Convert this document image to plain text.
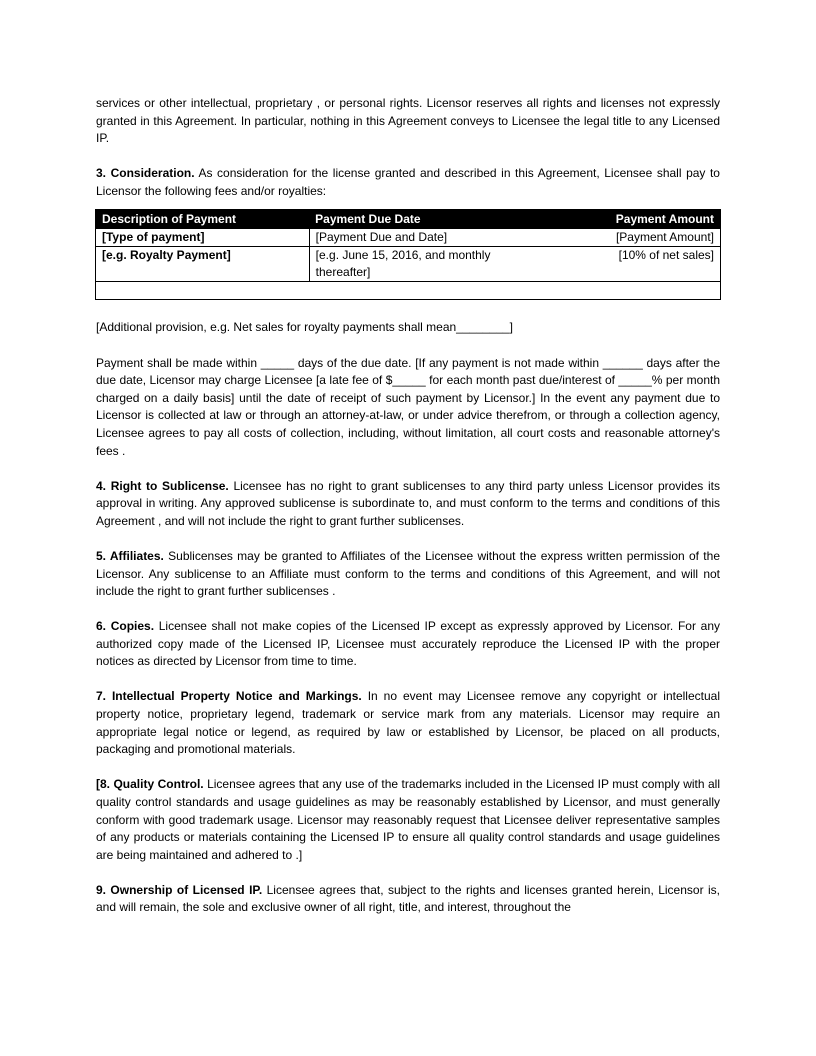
services or other intellectual, proprietary , or personal rights. Licensor reserves all rights and licenses not expressly granted in this Agreement. In particular, nothing in this Agreement conveys to Licensee the legal title to any Licensed IP.

3. Consideration. As consideration for the license granted and described in this Agreement, Licensee shall pay to Licensor the following fees and/or royalties:

Description of Payment	Payment Due Date	Payment Amount
[Type of payment]	[Payment Due and Date]	[Payment Amount]
[e.g. Royalty Payment]	[e.g. June 15, 2016, and monthly thereafter]	[10% of net sales]

[Additional provision, e.g. Net sales for royalty payments shall mean________]

Payment shall be made within _____ days of the due date. [If any payment is not made within ______ days after the due date, Licensor may charge Licensee [a late fee of $_____ for each month past due/interest of _____% per month charged on a daily basis] until the date of receipt of such payment by Licensor.] In the event any payment due to Licensor is collected at law or through an attorney-at-law, or under advice therefrom, or through a collection agency, Licensee agrees to pay all costs of collection, including, without limitation, all court costs and reasonable attorney's fees .

4. Right to Sublicense. Licensee has no right to grant sublicenses to any third party unless Licensor provides its approval in writing. Any approved sublicense is subordinate to, and must conform to the terms and conditions of this Agreement , and will not include the right to grant further sublicenses.

5. Affiliates. Sublicenses may be granted to Affiliates of the Licensee without the express written permission of the Licensor. Any sublicense to an Affiliate must conform to the terms and conditions of this Agreement, and will not include the right to grant further sublicenses .

6. Copies. Licensee shall not make copies of the Licensed IP except as expressly approved by Licensor. For any authorized copy made of the Licensed IP, Licensee must accurately reproduce the Licensed IP with the proper notices as directed by Licensor from time to time.

7. Intellectual Property Notice and Markings. In no event may Licensee remove any copyright or intellectual property notice, proprietary legend, trademark or service mark from any materials. Licensor may require an appropriate legal notice or legend, as required by law or established by Licensor, be placed on all products, packaging and promotional materials.

[8. Quality Control. Licensee agrees that any use of the trademarks included in the Licensed IP must comply with all quality control standards and usage guidelines as may be reasonably established by Licensor, and must generally conform with good trademark usage. Licensor may reasonably request that Licensee deliver representative samples of any products or materials containing the Licensed IP to ensure all quality control standards and usage guidelines are being maintained and adhered to .]

9. Ownership of Licensed IP. Licensee agrees that, subject to the rights and licenses granted herein, Licensor is, and will remain, the sole and exclusive owner of all right, title, and interest, throughout the
